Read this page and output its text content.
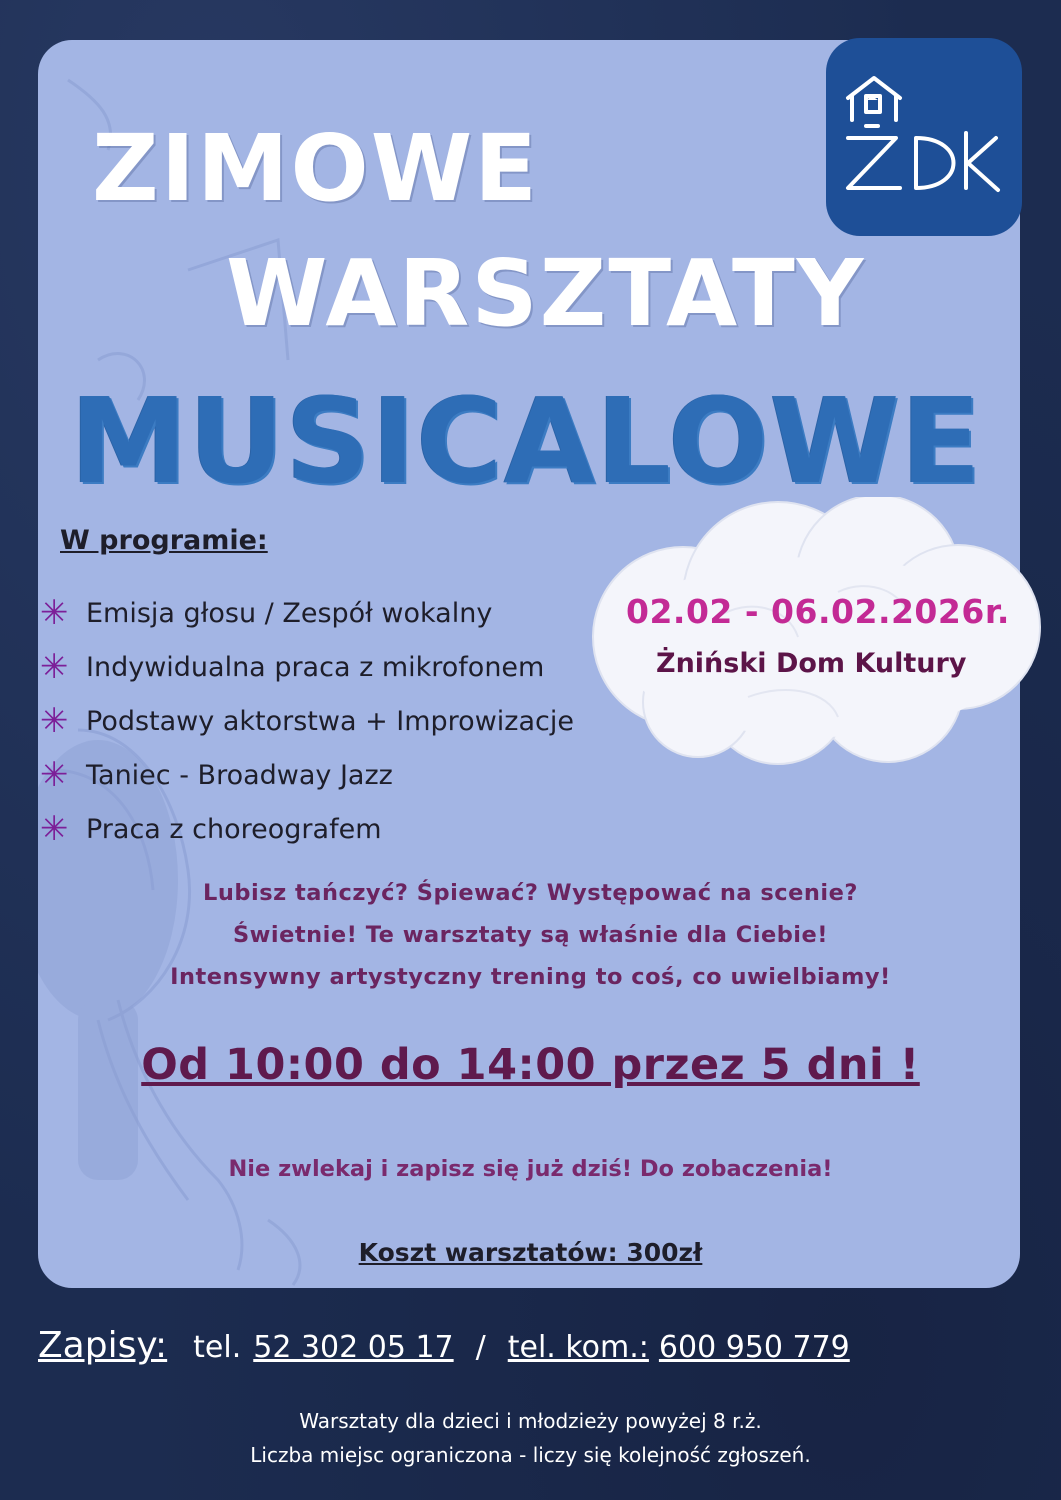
ZIMOWE
WARSZTATY
MUSICALOWE
W programie:
✳ Emisja głosu / Zespół wokalny
✳ Indywidualna praca z mikrofonem
✳ Podstawy aktorstwa + Improwizacje
✳ Taniec - Broadway Jazz
✳ Praca z choreografem

02.02 - 06.02.2026r.

Żniński Dom Kultury

Lubisz tańczyć? Śpiewać? Występować na scenie?
Świetnie! Te warsztaty są właśnie dla Ciebie!
Intensywny artystyczny trening to coś, co uwielbiamy!

Od 10:00 do 14:00 przez 5 dni !

Nie zwlekaj i zapisz się już dziś! Do zobaczenia!

Koszt warsztatów: 300zł

Zapisy: tel. 52 302 05 17 / tel. kom.: 600 950 779
Warsztaty dla dzieci i młodzieży powyżej 8 r.ż.
Liczba miejsc ograniczona - liczy się kolejność zgłoszeń.
